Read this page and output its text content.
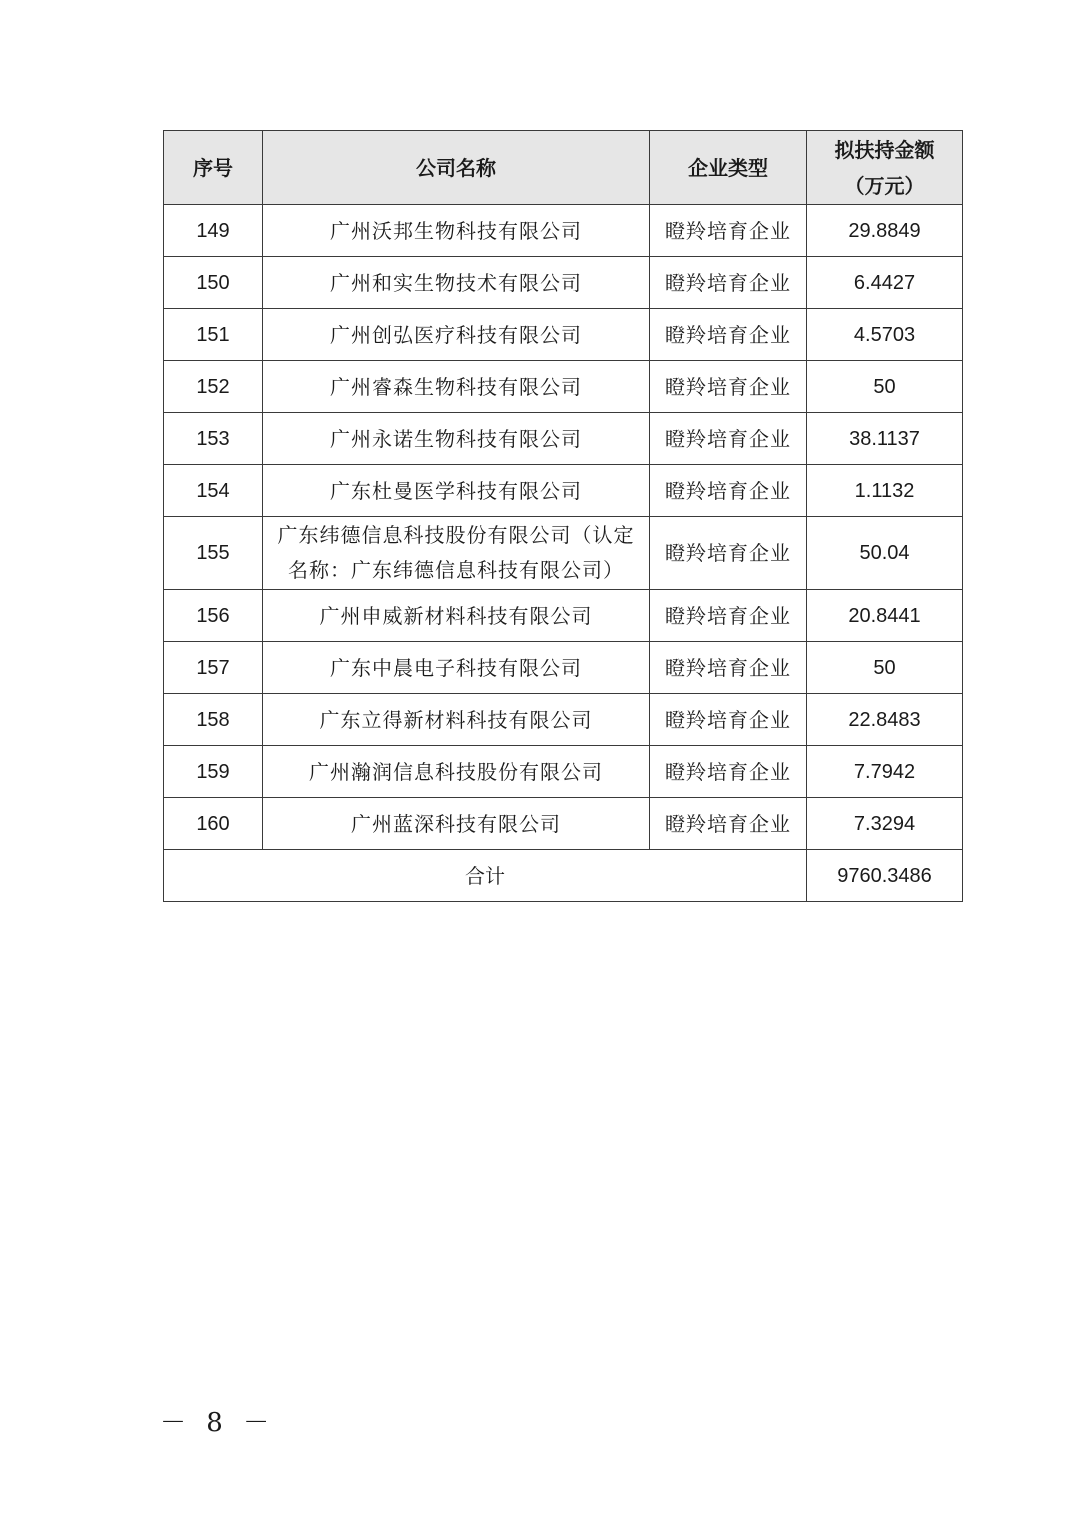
序号	公司名称	企业类型	拟扶持金额
（万元）

149	广州沃邦生物科技有限公司	瞪羚培育企业	29.8849
150	广州和实生物技术有限公司	瞪羚培育企业	6.4427
151	广州创弘医疗科技有限公司	瞪羚培育企业	4.5703
152	广州睿森生物科技有限公司	瞪羚培育企业	50
153	广州永诺生物科技有限公司	瞪羚培育企业	38.1137
154	广东杜曼医学科技有限公司	瞪羚培育企业	1.1132
155	广东纬德信息科技股份有限公司（认定
名称：广东纬德信息科技有限公司）	瞪羚培育企业	50.04
156	广州申威新材料科技有限公司	瞪羚培育企业	20.8441
157	广东中晨电子科技有限公司	瞪羚培育企业	50
158	广东立得新材料科技有限公司	瞪羚培育企业	22.8483
159	广州瀚润信息科技股份有限公司	瞪羚培育企业	7.7942
160	广州蓝深科技有限公司	瞪羚培育企业	7.3294
合计			9760.3486
－ 8 －
